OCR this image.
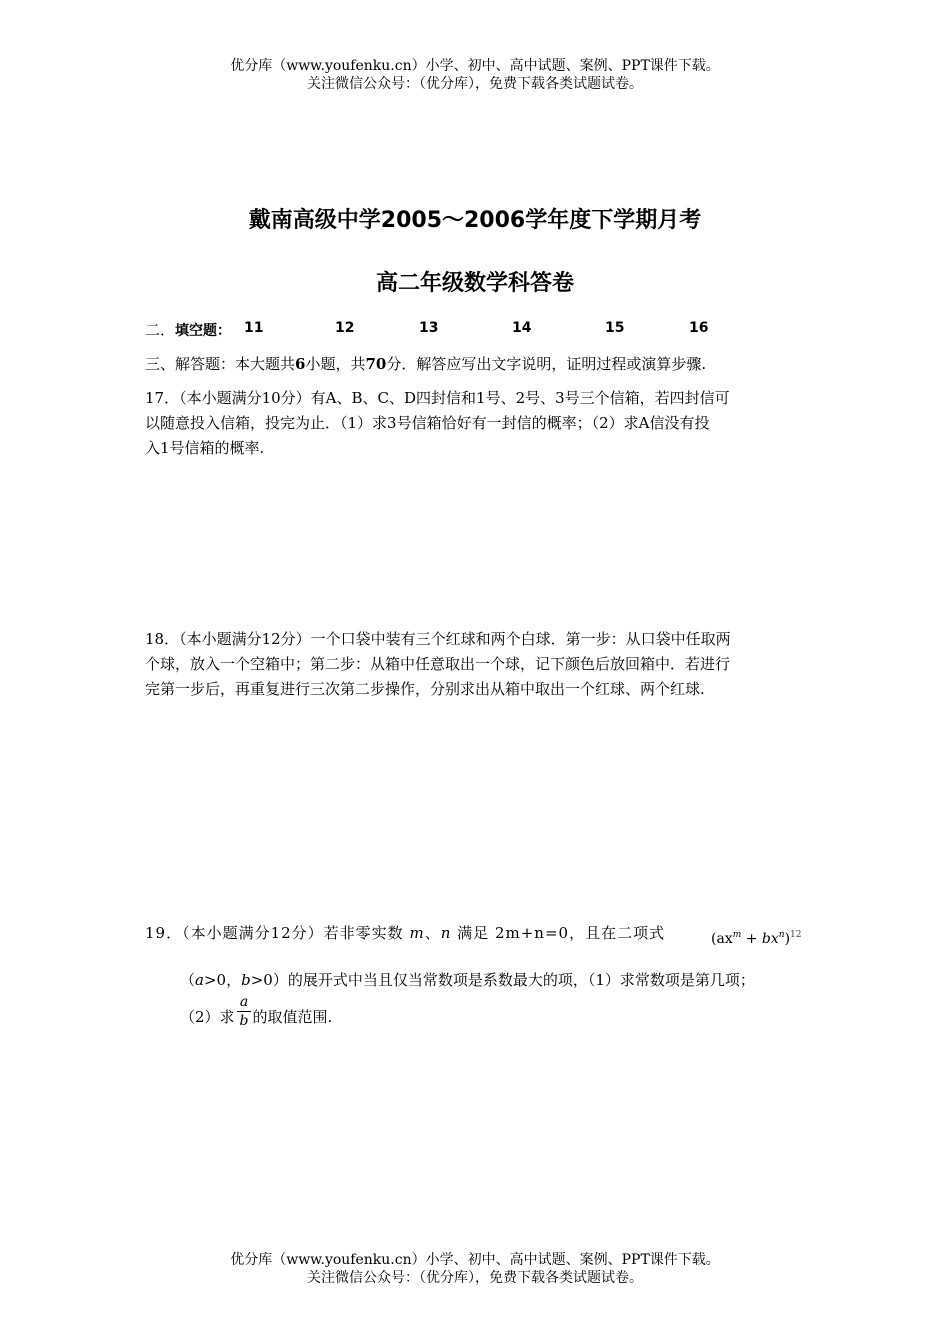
优分库（www.youfenku.cn）小学、初中、高中试题、案例、PPT课件下载。
关注微信公众号：（优分库），免费下载各类试题试卷。
戴南高级中学2005～2006学年度下学期月考
高二年级数学科答卷
二．填空题： 11	12	13	14	15	16
三、解答题：本大题共6小题，共70分．解答应写出文字说明，证明过程或演算步骤.
17．（本小题满分10分）有A、B、C、D四封信和1号、2号、3号三个信箱，若四封信可
以随意投入信箱，投完为止．（1）求3号信箱恰好有一封信的概率；（2）求A信没有投
入1号信箱的概率.
18．（本小题满分12分）一个口袋中装有三个红球和两个白球．第一步：从口袋中任取两
个球，放入一个空箱中；第二步：从箱中任意取出一个球，记下颜色后放回箱中．若进行
完第一步后，再重复进行三次第二步操作，分别求出从箱中取出一个红球、两个红球.
19．（本小题满分12分）若非零实数 m、n 满足 2m+n=0，且在二项式	$(ax^m + bx^n)^{12}$
（a>0，b>0）的展开式中当且仅当常数项是系数最大的项，（1）求常数项是第几项；
（2）求 的取值范围.
a
b
优分库（www.youfenku.cn）小学、初中、高中试题、案例、PPT课件下载。
关注微信公众号：（优分库），免费下载各类试题试卷。
